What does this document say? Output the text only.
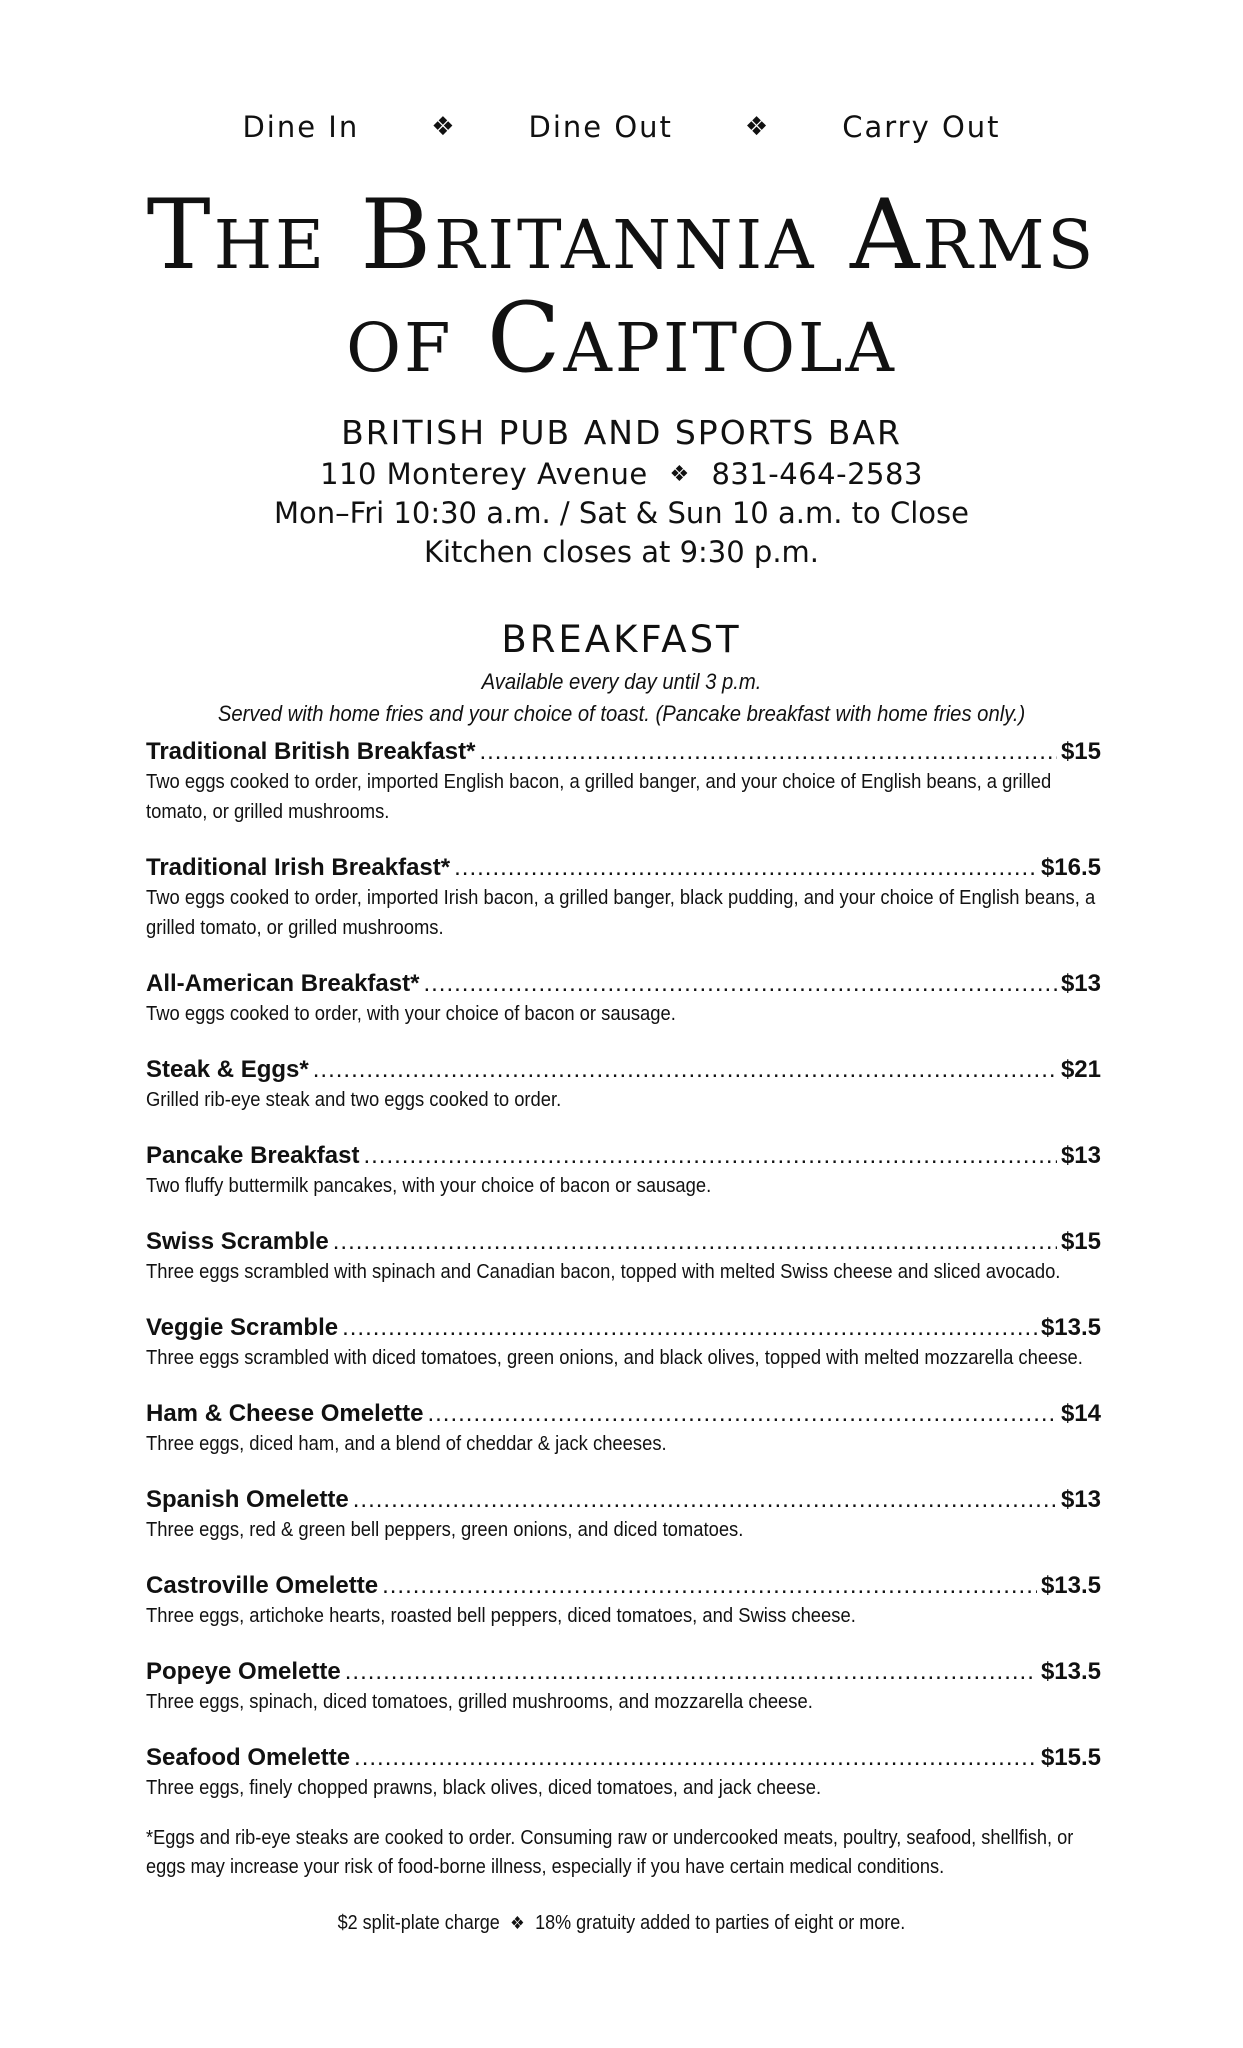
Dine In	❖ Dine Out	❖ Carry Out
The Britannia Arms
of Capitola
BRITISH PUB AND SPORTS BAR
110 Monterey Avenue ❖ 831-464-2583
Mon–Fri 10:30 a.m. / Sat & Sun 10 a.m. to Close
Kitchen closes at 9:30 p.m.
BREAKFAST
Available every day until 3 p.m.
Served with home fries and your choice of toast. (Pancake breakfast with home fries only.)
Traditional British Breakfast* .....	$15
Two eggs cooked to order, imported English bacon, a grilled banger, and your choice of English beans, a grilled tomato, or grilled mushrooms.
Traditional Irish Breakfast* .....	$16.5
Two eggs cooked to order, imported Irish bacon, a grilled banger, black pudding, and your choice of English beans, a grilled tomato, or grilled mushrooms.
All-American Breakfast* .....	$13
Two eggs cooked to order, with your choice of bacon or sausage.
Steak & Eggs* .....	$21
Grilled rib-eye steak and two eggs cooked to order.
Pancake Breakfast .....	$13
Two fluffy buttermilk pancakes, with your choice of bacon or sausage.
Swiss Scramble .....	$15
Three eggs scrambled with spinach and Canadian bacon, topped with melted Swiss cheese and sliced avocado.
Veggie Scramble .....	$13.5
Three eggs scrambled with diced tomatoes, green onions, and black olives, topped with melted mozzarella cheese.
Ham & Cheese Omelette .....	$14
Three eggs, diced ham, and a blend of cheddar & jack cheeses.
Spanish Omelette .....	$13
Three eggs, red & green bell peppers, green onions, and diced tomatoes.
Castroville Omelette .....	$13.5
Three eggs, artichoke hearts, roasted bell peppers, diced tomatoes, and Swiss cheese.
Popeye Omelette .....	$13.5
Three eggs, spinach, diced tomatoes, grilled mushrooms, and mozzarella cheese.
Seafood Omelette .....	$15.5
Three eggs, finely chopped prawns, black olives, diced tomatoes, and jack cheese.
*Eggs and rib-eye steaks are cooked to order. Consuming raw or undercooked meats, poultry, seafood, shellfish, or eggs may increase your risk of food-borne illness, especially if you have certain medical conditions.
$2 split-plate charge ❖ 18% gratuity added to parties of eight or more.
